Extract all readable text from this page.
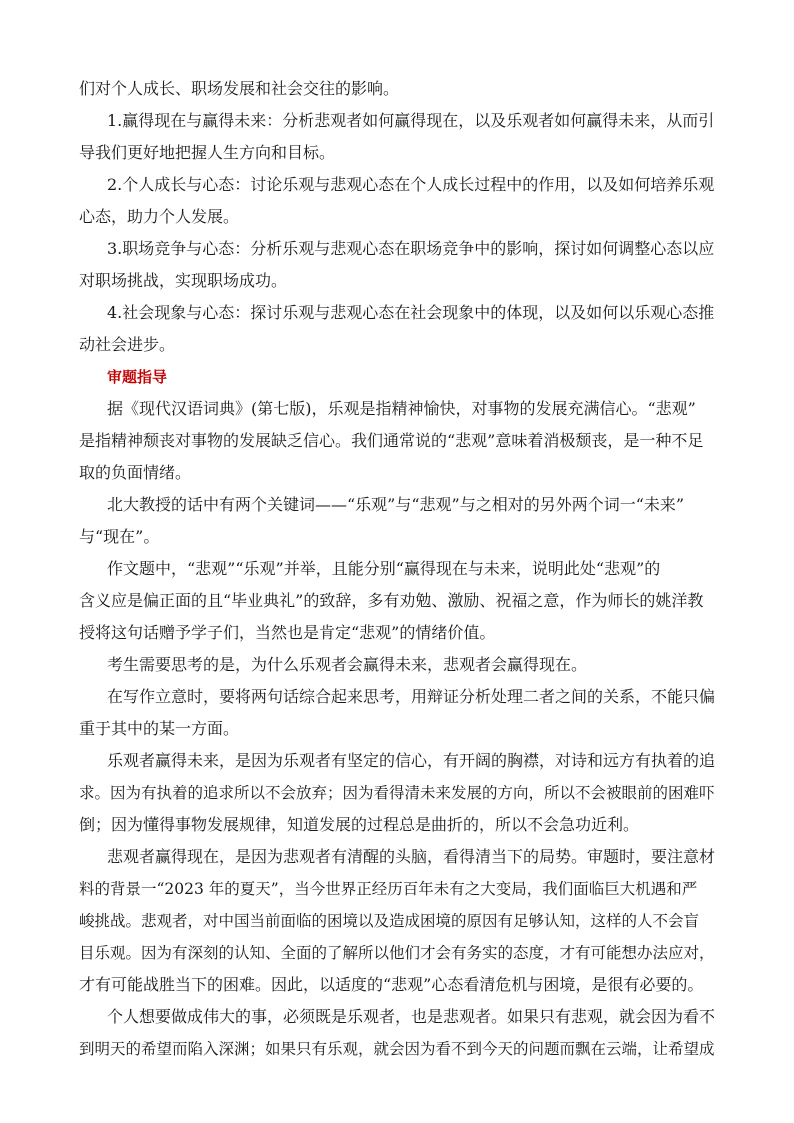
们对个人成长、职场发展和社会交往的影响。
1.赢得现在与赢得未来：分析悲观者如何赢得现在，以及乐观者如何赢得未来，从而引
导我们更好地把握人生方向和目标。
2.个人成长与心态：讨论乐观与悲观心态在个人成长过程中的作用，以及如何培养乐观
心态，助力个人发展。
3.职场竞争与心态：分析乐观与悲观心态在职场竞争中的影响，探讨如何调整心态以应
对职场挑战，实现职场成功。
4.社会现象与心态：探讨乐观与悲观心态在社会现象中的体现，以及如何以乐观心态推
动社会进步。
审题指导
据《现代汉语词典》(第七版)，乐观是指精神愉快，对事物的发展充满信心。“悲观”
是指精神颓丧对事物的发展缺乏信心。我们通常说的“悲观”意味着消极颓丧，是一种不足
取的负面情绪。
北大教授的话中有两个关键词——“乐观”与“悲观”与之相对的另外两个词一“未来”
与“现在”。
作文题中，“悲观”“乐观”并举，且能分别“赢得现在与未来，说明此处“悲观”的
含义应是偏正面的且“毕业典礼”的致辞，多有劝勉、激励、祝福之意，作为师长的姚洋教
授将这句话赠予学子们，当然也是肯定“悲观”的情绪价值。
考生需要思考的是，为什么乐观者会赢得未来，悲观者会赢得现在。
在写作立意时，要将两句话综合起来思考，用辩证分析处理二者之间的关系，不能只偏
重于其中的某一方面。
乐观者赢得未来，是因为乐观者有坚定的信心，有开阔的胸襟，对诗和远方有执着的追
求。因为有执着的追求所以不会放弃；因为看得清未来发展的方向，所以不会被眼前的困难吓
倒；因为懂得事物发展规律，知道发展的过程总是曲折的，所以不会急功近利。
悲观者赢得现在，是因为悲观者有清醒的头脑，看得清当下的局势。审题时，要注意材
料的背景一“2023 年的夏天”，当今世界正经历百年未有之大变局，我们面临巨大机遇和严
峻挑战。悲观者，对中国当前面临的困境以及造成困境的原因有足够认知，这样的人不会盲
目乐观。因为有深刻的认知、全面的了解所以他们才会有务实的态度，才有可能想办法应对，
才有可能战胜当下的困难。因此，以适度的“悲观”心态看清危机与困境，是很有必要的。
个人想要做成伟大的事，必须既是乐观者，也是悲观者。如果只有悲观，就会因为看不
到明天的希望而陷入深渊；如果只有乐观，就会因为看不到今天的问题而飘在云端，让希望成
